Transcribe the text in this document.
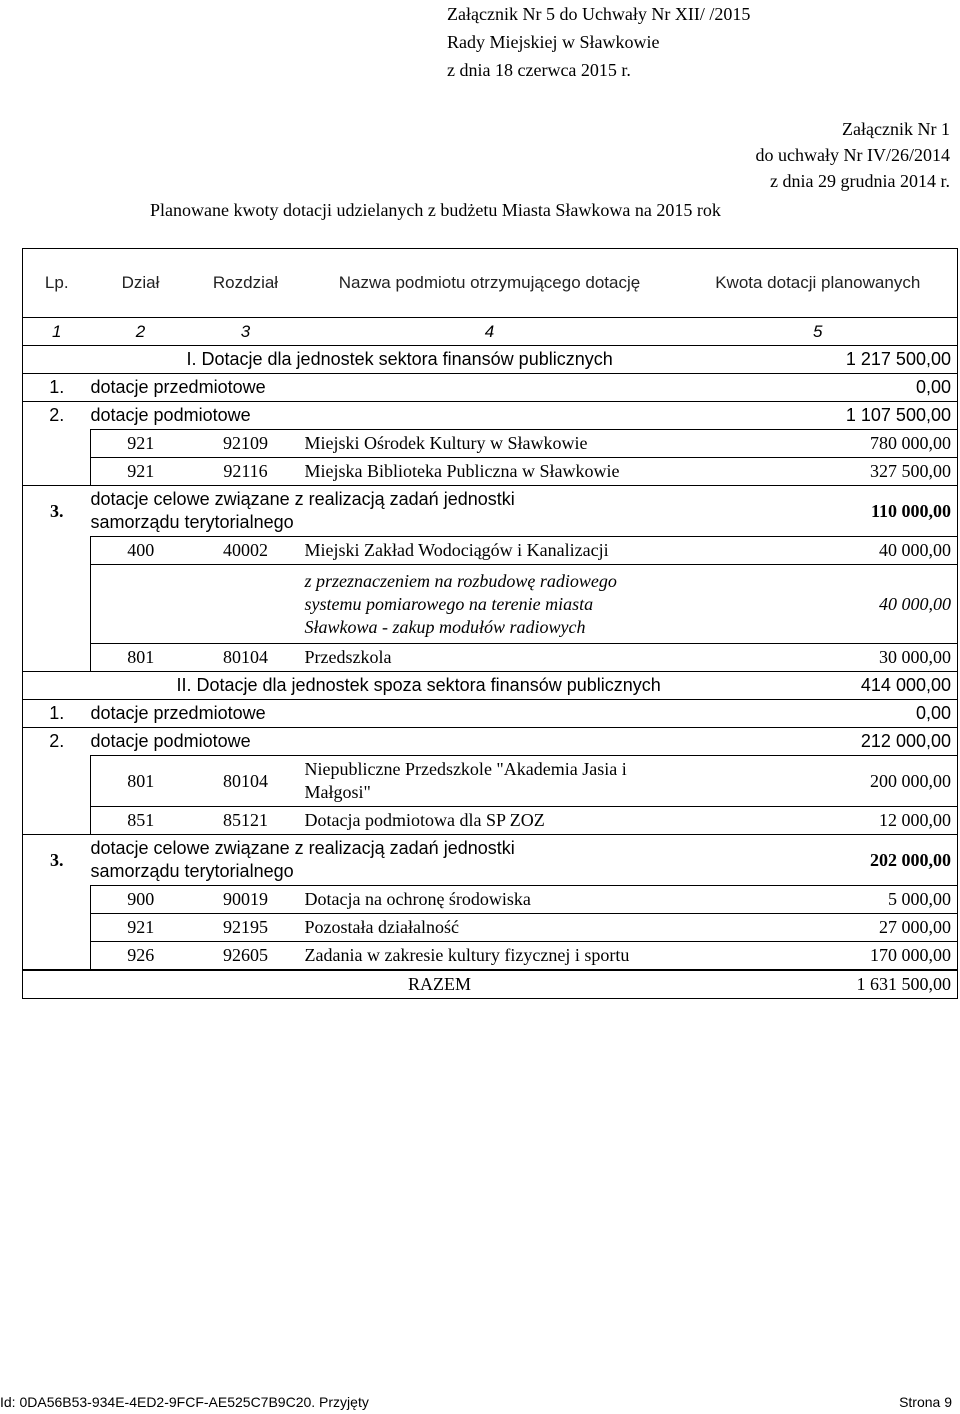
Załącznik Nr 5 do Uchwały Nr XII/ /2015
Rady Miejskiej w Sławkowie
z dnia 18 czerwca 2015 r.
Załącznik Nr 1
do uchwały Nr IV/26/2014
z dnia 29 grudnia 2014 r.
Planowane kwoty dotacji udzielanych z budżetu Miasta Sławkowa na 2015 rok
Lp.	Dział	Rozdział	Nazwa podmiotu otrzymującego dotację	Kwota dotacji planowanych
1	2	3	4	5
	I. Dotacje dla jednostek sektora finansów publicznych			1 217 500,00
1.	dotacje przedmiotowe			0,00
2.	dotacje podmiotowe			1 107 500,00
	921	92109	Miejski Ośrodek Kultury w Sławkowie	780 000,00
	921	92116	Miejska Biblioteka Publiczna w Sławkowie	327 500,00
3.	dotacje celowe związane z realizacją zadań jednostki samorządu terytorialnego			110 000,00
	400	40002	Miejski Zakład Wodociągów i Kanalizacji	40 000,00
			z przeznaczeniem na rozbudowę radiowego systemu pomiarowego na terenie miasta Sławkowa - zakup modułów radiowych	40 000,00
	801	80104	Przedszkola	30 000,00
	II. Dotacje dla jednostek spoza sektora finansów publicznych			414 000,00
1.	dotacje przedmiotowe			0,00
2.	dotacje podmiotowe			212 000,00
	801	80104	Niepubliczne Przedszkole "Akademia Jasia i Małgosi"	200 000,00
	851	85121	Dotacja podmiotowa dla SP ZOZ	12 000,00
3.	dotacje celowe związane z realizacją zadań jednostki samorządu terytorialnego			202 000,00
	900	90019	Dotacja na ochronę środowiska	5 000,00
	921	92195	Pozostała działalność	27 000,00
	926	92605	Zadania w zakresie kultury fizycznej i sportu	170 000,00
	RAZEM			1 631 500,00
Id: 0DA56B53-934E-4ED2-9FCF-AE525C7B9C20. Przyjęty	Strona 9
